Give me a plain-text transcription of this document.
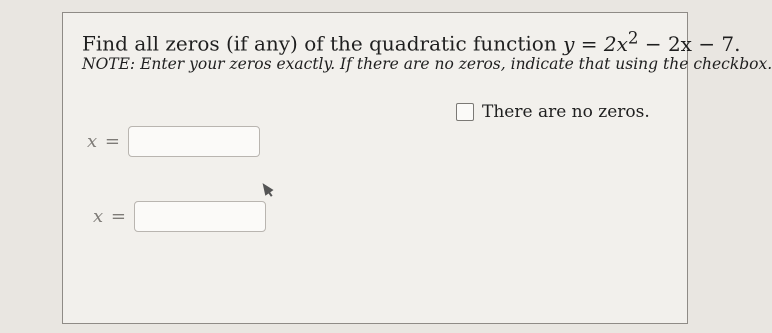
Find all zeros (if any) of the quadratic function $y = 2x^2 - 2x - 7$.
NOTE: Enter your zeros exactly. If there are no zeros, indicate that using the checkbox.
There are no zeros.
x =
x =
